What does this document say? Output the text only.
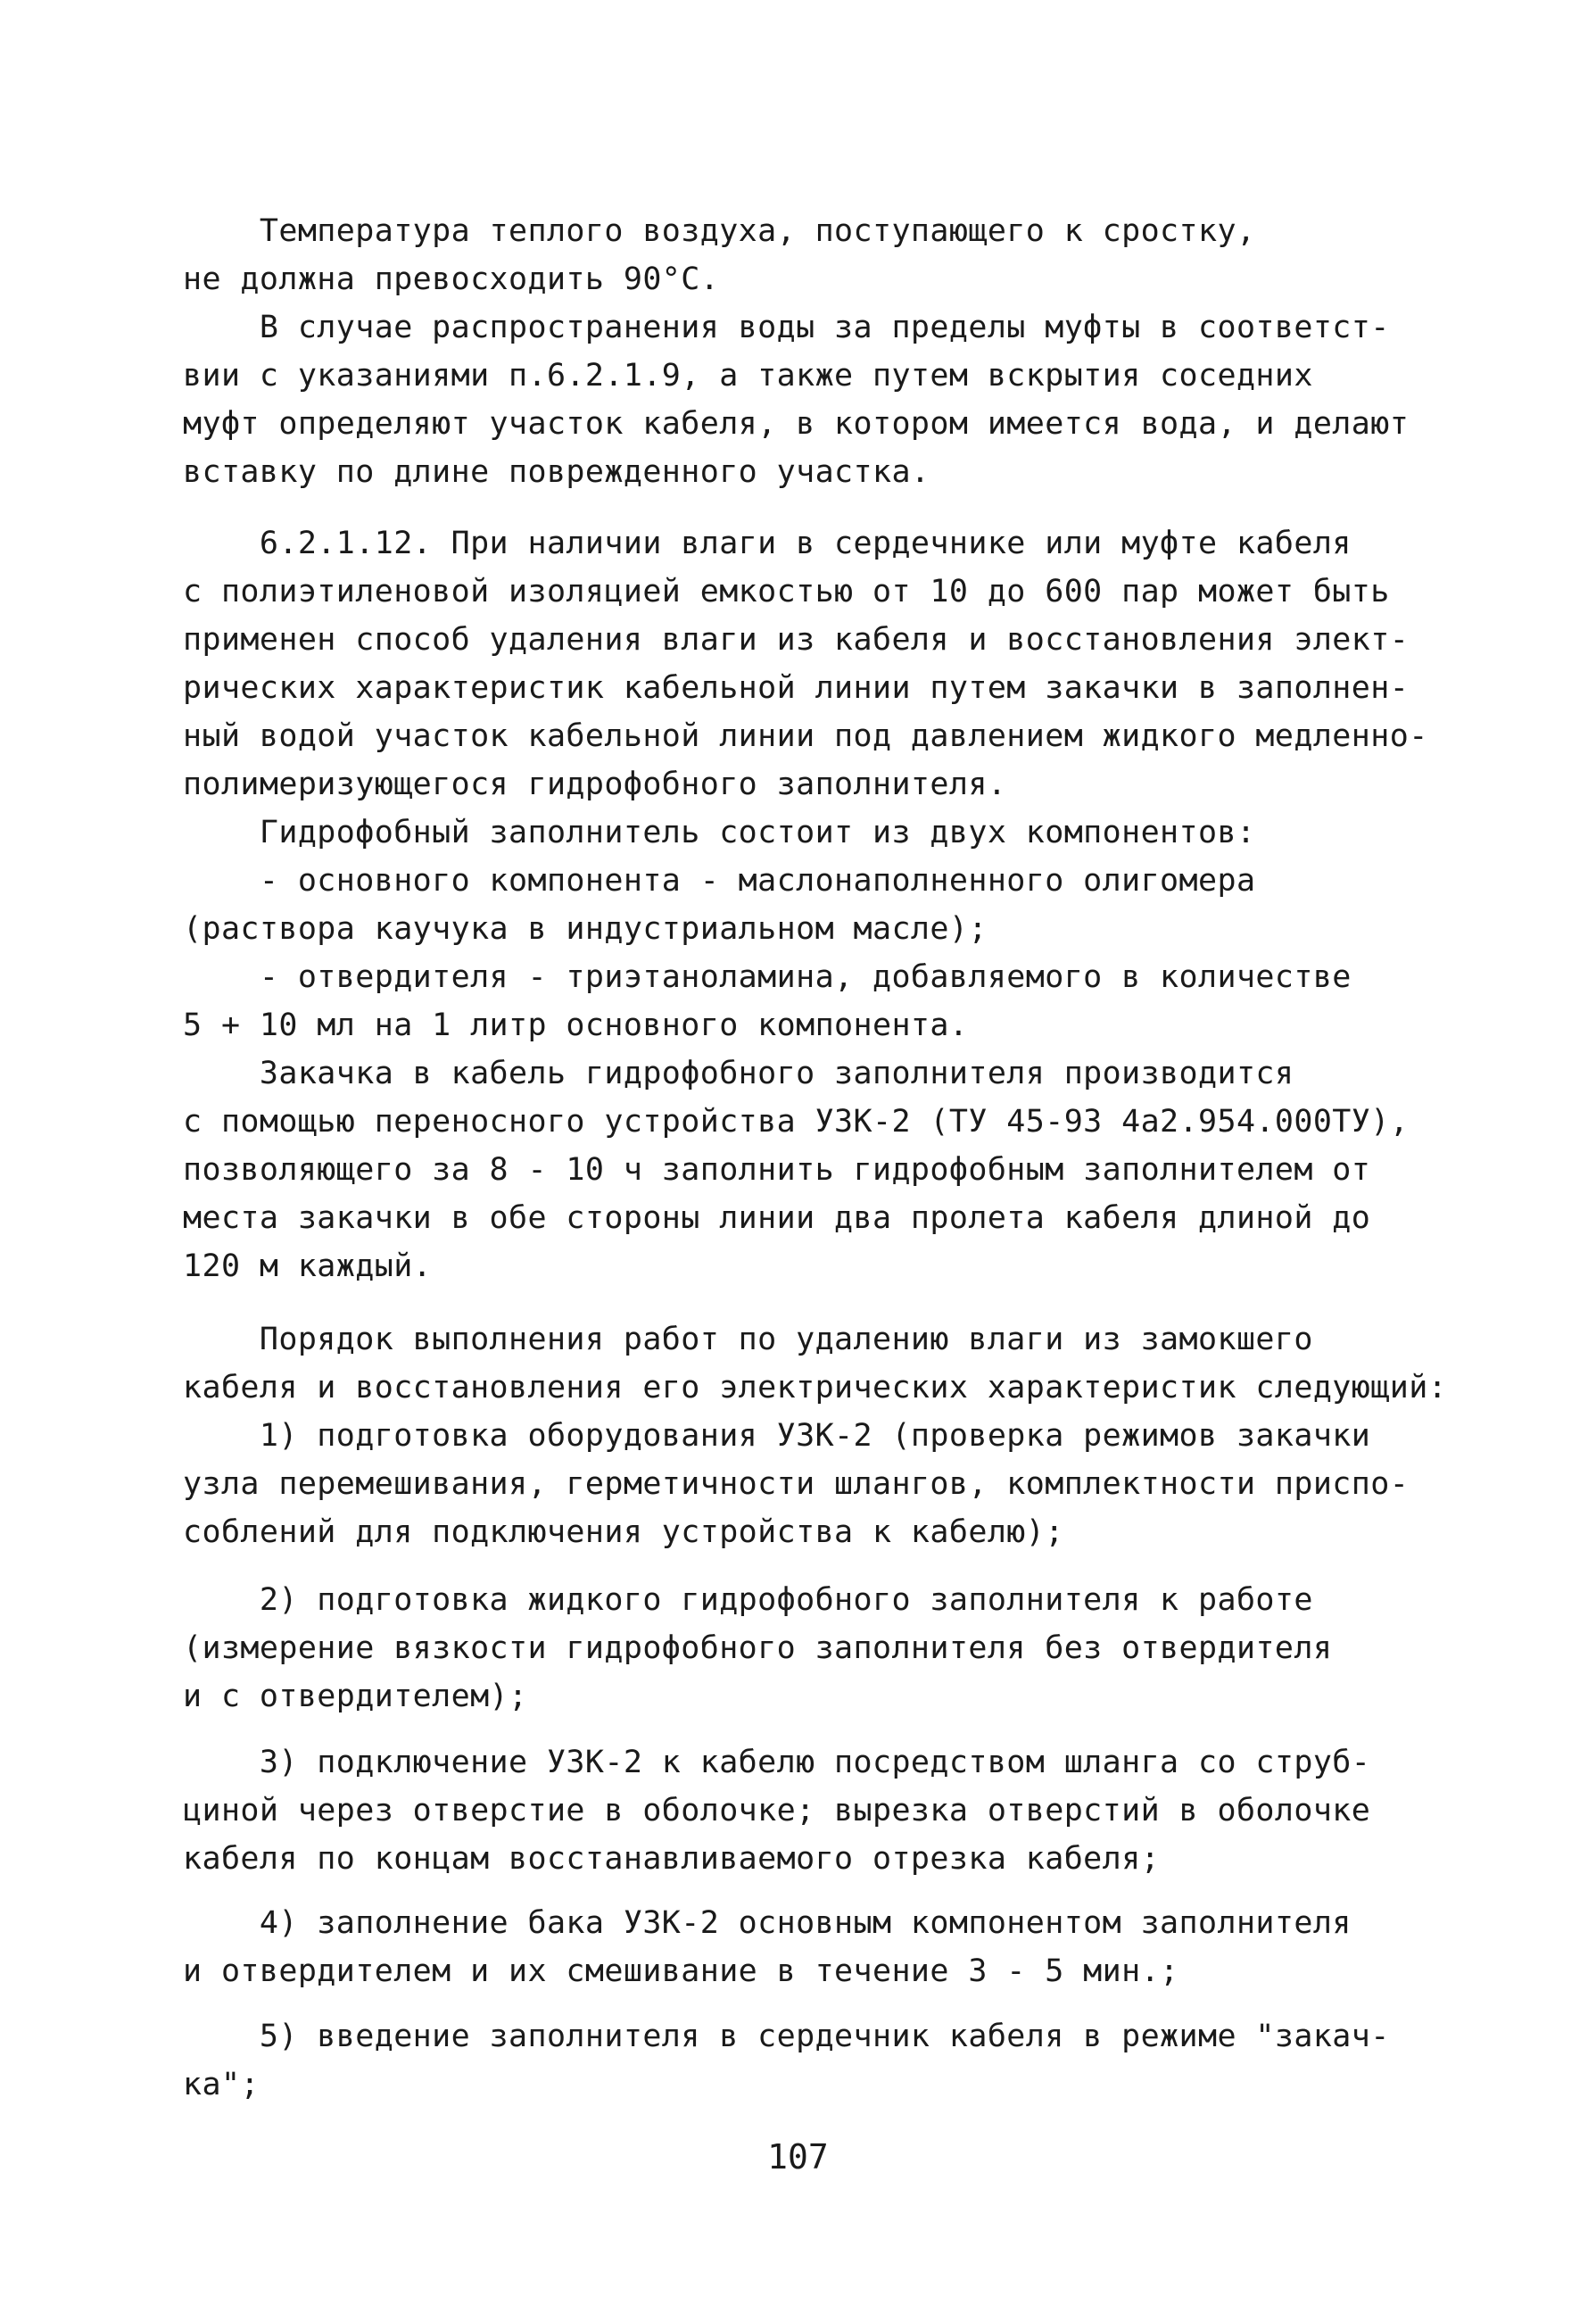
Температура теплого воздуха, поступающего к сростку,
не должна превосходить 90°С.
В случае распространения воды за пределы муфты в соответст-
вии с указаниями п.6.2.1.9, а также путем вскрытия соседних
муфт определяют участок кабеля, в котором имеется вода, и делают
вставку по длине поврежденного участка.
6.2.1.12. При наличии влаги в сердечнике или муфте кабеля
с полиэтиленовой изоляцией емкостью от 10 до 600 пар может быть
применен способ удаления влаги из кабеля и восстановления элект-
рических характеристик кабельной линии путем закачки в заполнен-
ный водой участок кабельной линии под давлением жидкого медленно-
полимеризующегося гидрофобного заполнителя.
Гидрофобный заполнитель состоит из двух компонентов:
- основного компонента - маслонаполненного олигомера
(раствора каучука в индустриальном масле);
- отвердителя - триэтаноламина, добавляемого в количестве
5 + 10 мл на 1 литр основного компонента.
Закачка в кабель гидрофобного заполнителя производится
с помощью переносного устройства УЗК-2 (ТУ 45-93 4а2.954.000ТУ),
позволяющего за 8 - 10 ч заполнить гидрофобным заполнителем от
места закачки в обе стороны линии два пролета кабеля длиной до
120 м каждый.
Порядок выполнения работ по удалению влаги из замокшего
кабеля и восстановления его электрических характеристик следующий:
1) подготовка оборудования УЗК-2 (проверка режимов закачки
узла перемешивания, герметичности шлангов, комплектности приспо-
соблений для подключения устройства к кабелю);
2) подготовка жидкого гидрофобного заполнителя к работе
(измерение вязкости гидрофобного заполнителя без отвердителя
и с отвердителем);
3) подключение УЗК-2 к кабелю посредством шланга со струб-
циной через отверстие в оболочке; вырезка отверстий в оболочке
кабеля по концам восстанавливаемого отрезка кабеля;
4) заполнение бака УЗК-2 основным компонентом заполнителя
и отвердителем и их смешивание в течение 3 - 5 мин.;
5) введение заполнителя в сердечник кабеля в режиме "закач-
ка";
107
